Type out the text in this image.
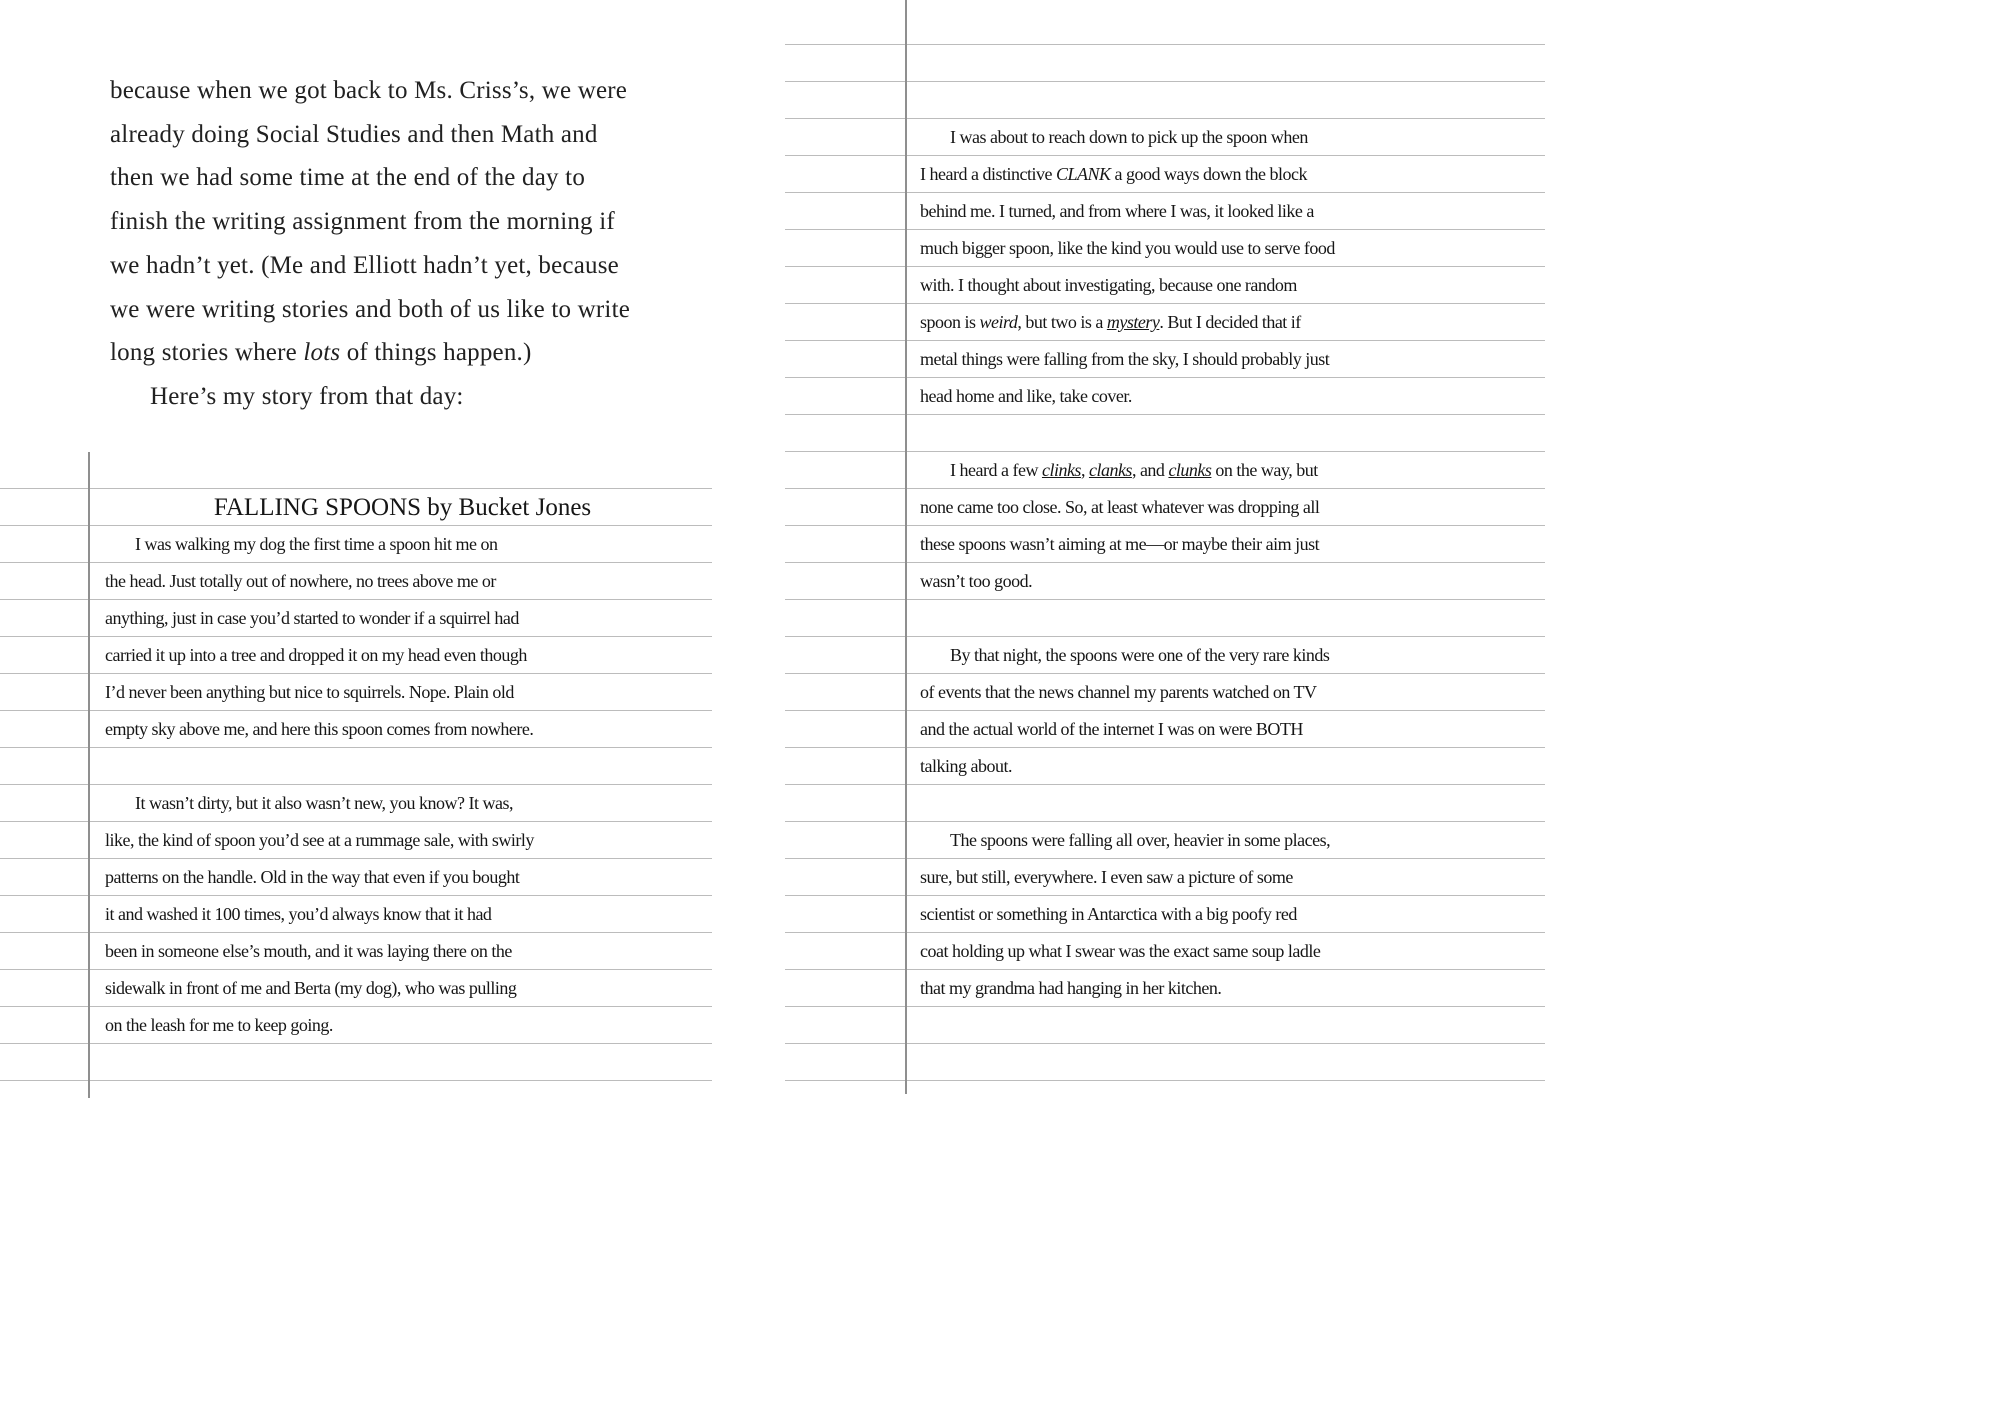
because when we got back to Ms. Criss’s, we were
already doing Social Studies and then Math and
then we had some time at the end of the day to
finish the writing assignment from the morning if
we hadn’t yet. (Me and Elliott hadn’t yet, because
we were writing stories and both of us like to write
long stories where lots of things happen.)
Here’s my story from that day:
FALLING SPOONS by Bucket Jones
I was walking my dog the first time a spoon hit me on
the head. Just totally out of nowhere, no trees above me or
anything, just in case you’d started to wonder if a squirrel had
carried it up into a tree and dropped it on my head even though
I’d never been anything but nice to squirrels. Nope. Plain old
empty sky above me, and here this spoon comes from nowhere.
It wasn’t dirty, but it also wasn’t new, you know? It was,
like, the kind of spoon you’d see at a rummage sale, with swirly
patterns on the handle. Old in the way that even if you bought
it and washed it 100 times, you’d always know that it had
been in someone else’s mouth, and it was laying there on the
sidewalk in front of me and Berta (my dog), who was pulling
on the leash for me to keep going.
I was about to reach down to pick up the spoon when
I heard a distinctive CLANK a good ways down the block
behind me. I turned, and from where I was, it looked like a
much bigger spoon, like the kind you would use to serve food
with. I thought about investigating, because one random
spoon is weird, but two is a mystery. But I decided that if
metal things were falling from the sky, I should probably just
head home and like, take cover.
I heard a few clinks, clanks, and clunks on the way, but
none came too close. So, at least whatever was dropping all
these spoons wasn’t aiming at me—or maybe their aim just
wasn’t too good.
By that night, the spoons were one of the very rare kinds
of events that the news channel my parents watched on TV
and the actual world of the internet I was on were BOTH
talking about.
The spoons were falling all over, heavier in some places,
sure, but still, everywhere. I even saw a picture of some
scientist or something in Antarctica with a big poofy red
coat holding up what I swear was the exact same soup ladle
that my grandma had hanging in her kitchen.
